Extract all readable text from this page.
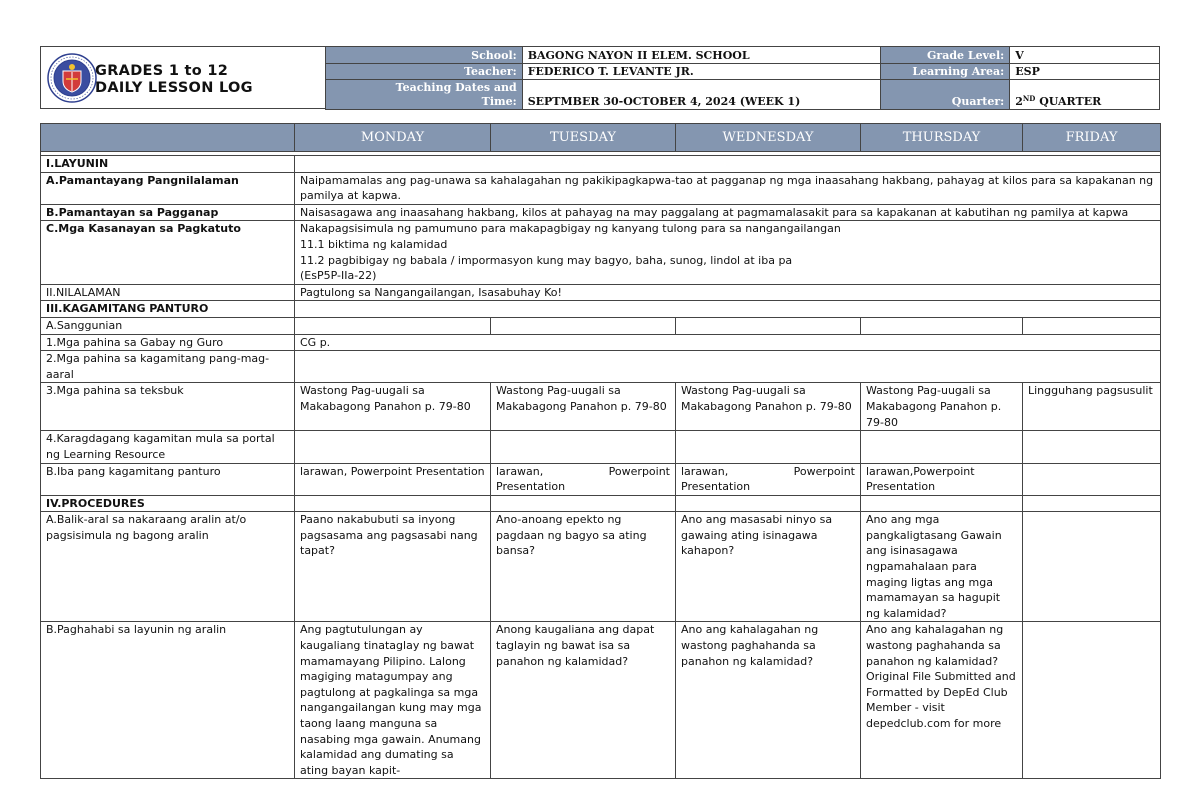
GRADES 1 to 12
DAILY LESSON LOG
School:	BAGONG NAYON II ELEM. SCHOOL	Grade Level:	V
Teacher:	FEDERICO T. LEVANTE JR.	Learning Area:	ESP

Teaching Dates and
Time:	SEPTMBER 30-OCTOBER 4, 2024 (WEEK 1)	Quarter:	2ND QUARTER
	MONDAY	TUESDAY	WEDNESDAY	THURSDAY	FRIDAY

I.LAYUNIN					
A.Pamantayang Pangnilalaman	Naipamamalas ang pag-unawa sa kahalagahan ng pakikipagkapwa-tao at pagganap ng mga inaasahang hakbang, pahayag at kilos para sa kapakanan ng pamilya at kapwa.				
B.Pamantayan sa Pagganap	Naisasagawa ang inaasahang hakbang, kilos at pahayag na may paggalang at pagmamalasakit para sa kapakanan at kabutihan ng pamilya at kapwa				
C.Mga Kasanayan sa Pagkatuto	Nakapagsisimula ng pamumuno para makapagbigay ng kanyang tulong para sa nangangailangan
11.1 biktima ng kalamidad
11.2 pagbibigay ng babala / impormasyon kung may bagyo, baha, sunog, lindol at iba pa
(EsP5P-IIa-22)				

II.NILALAMAN	Pagtulong sa Nangangailangan, Isasabuhay Ko!				
III.KAGAMITANG PANTURO					
A.Sanggunian					
1.Mga pahina sa Gabay ng Guro	CG p.				
2.Mga pahina sa kagamitang pang-mag-aaral					
3.Mga pahina sa teksbuk	Wastong Pag-uugali sa Makabagong Panahon p. 79-80	Wastong Pag-uugali sa Makabagong Panahon p. 79-80	Wastong Pag-uugali sa Makabagong Panahon p. 79-80	Wastong Pag-uugali sa Makabagong Panahon p. 79-80	Lingguhang pagsusulit
4.Karagdagang kagamitan mula sa portal ng Learning Resource					
B.Iba pang kagamitang panturo	larawan, Powerpoint Presentation	larawan, Powerpoint Presentation	larawan, Powerpoint Presentation	larawan,Powerpoint Presentation	
IV.PROCEDURES					
A.Balik-aral sa nakaraang aralin at/o pagsisimula ng bagong aralin	Paano nakabubuti sa inyong pagsasama ang pagsasabi nang tapat?	Ano-anoang epekto ng pagdaan ng bagyo sa ating bansa?	Ano ang masasabi ninyo sa gawaing ating isinagawa kahapon?	Ano ang mga pangkaligtasang Gawain ang isinasagawa ngpamahalaan para maging ligtas ang mga mamamayan sa hagupit ng kalamidad?	
B.Paghahabi sa layunin ng aralin	Ang pagtutulungan ay kaugaliang tinataglay ng bawat mamamayang Pilipino. Lalong magiging matagumpay ang pagtulong at pagkalinga sa mga nangangailangan kung may mga taong laang manguna sa nasabing mga gawain. Anumang kalamidad ang dumating sa ating bayan kapit-	Anong kaugaliana ang dapat taglayin ng bawat isa sa panahon ng kalamidad?	Ano ang kahalagahan ng wastong paghahanda sa panahon ng kalamidad?	Ano ang kahalagahan ng wastong paghahanda sa panahon ng kalamidad? Original File Submitted and Formatted by DepEd Club Member - visit depedclub.com for more	
